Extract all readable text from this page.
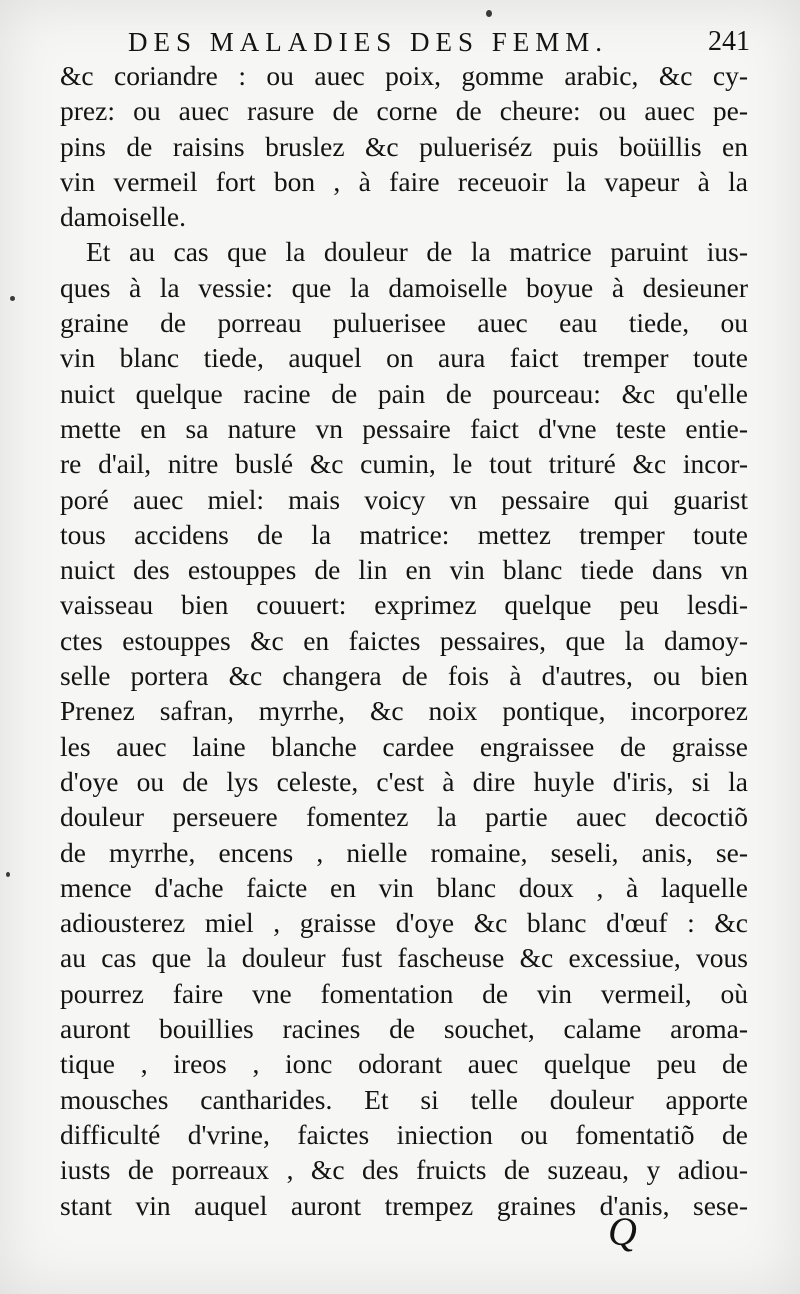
DES MALADIES DES FEMM.	241
&c coriandre : ou auec poix, gomme arabic, &c cy-
prez: ou auec rasure de corne de cheure: ou auec pe-
pins de raisins bruslez &c pulueriséz puis boüillis en
vin vermeil fort bon , à faire receuoir la vapeur à la
damoiselle.
Et au cas que la douleur de la matrice paruint ius-
ques à la vessie: que la damoiselle boyue à desieuner
graine de porreau puluerisee auec eau tiede, ou
vin blanc tiede, auquel on aura faict tremper toute
nuict quelque racine de pain de pourceau: &c qu'elle
mette en sa nature vn pessaire faict d'vne teste entie-
re d'ail, nitre buslé &c cumin, le tout trituré &c incor-
poré auec miel: mais voicy vn pessaire qui guarist
tous accidens de la matrice: mettez tremper toute
nuict des estouppes de lin en vin blanc tiede dans vn
vaisseau bien couuert: exprimez quelque peu lesdi-
ctes estouppes &c en faictes pessaires, que la damoy-
selle portera &c changera de fois à d'autres, ou bien
Prenez safran, myrrhe, &c noix pontique, incorporez
les auec laine blanche cardee engraissee de graisse
d'oye ou de lys celeste, c'est à dire huyle d'iris, si la
douleur perseuere fomentez la partie auec decoctiõ
de myrrhe, encens , nielle romaine, seseli, anis, se-
mence d'ache faicte en vin blanc doux , à laquelle
adiousterez miel , graisse d'oye &c blanc d'œuf : &c
au cas que la douleur fust fascheuse &c excessiue, vous
pourrez faire vne fomentation de vin vermeil, où
auront bouillies racines de souchet, calame aroma-
tique , ireos , ionc odorant auec quelque peu de
mousches cantharides. Et si telle douleur apporte
difficulté d'vrine, faictes iniection ou fomentatiõ de
iusts de porreaux , &c des fruicts de suzeau, y adiou-
stant vin auquel auront trempez graines d'anis, sese-
Q
